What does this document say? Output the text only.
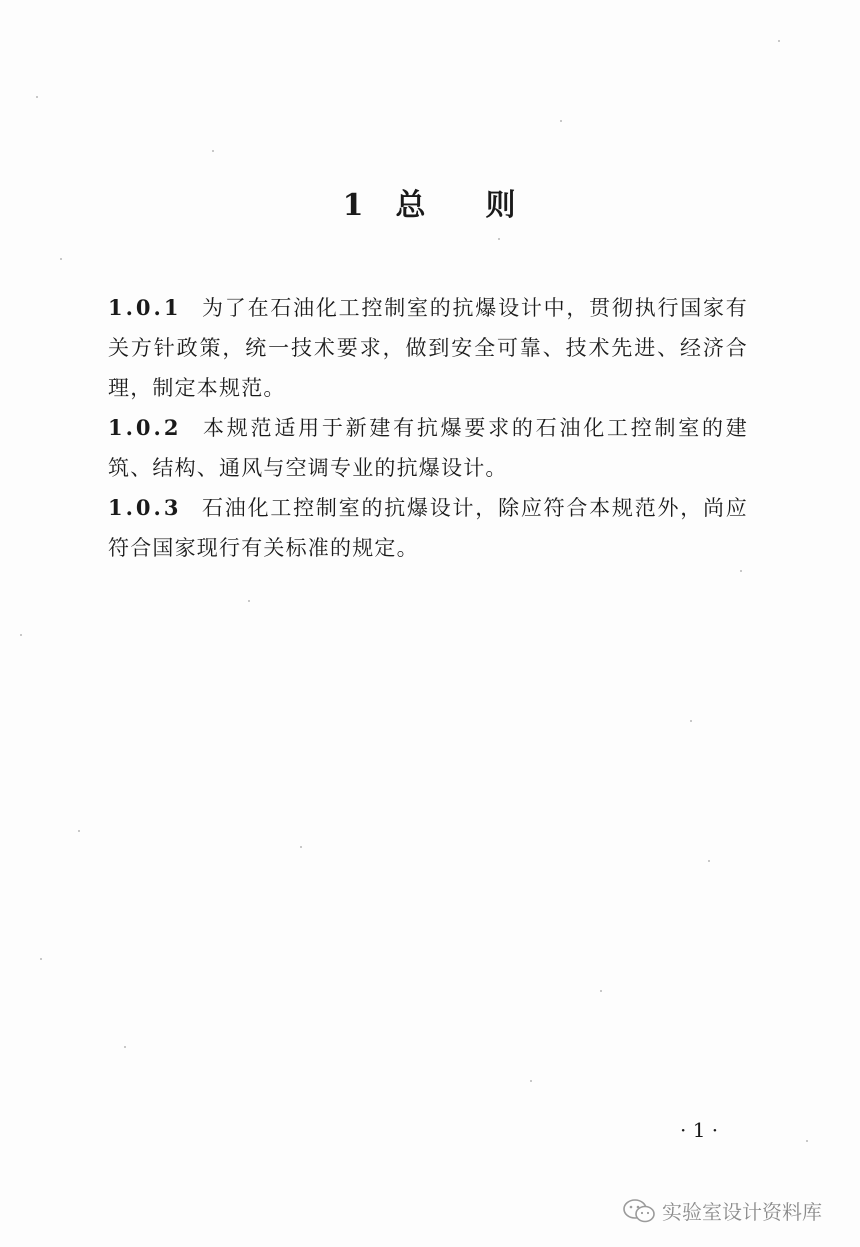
1 总 则
1.0.1 为了在石油化工控制室的抗爆设计中，贯彻执行国家有关方针政策，统一技术要求，做到安全可靠、技术先进、经济合理，制定本规范。
1.0.2 本规范适用于新建有抗爆要求的石油化工控制室的建筑、结构、通风与空调专业的抗爆设计。
1.0.3 石油化工控制室的抗爆设计，除应符合本规范外，尚应符合国家现行有关标准的规定。
· 1 ·
实验室设计资料库
